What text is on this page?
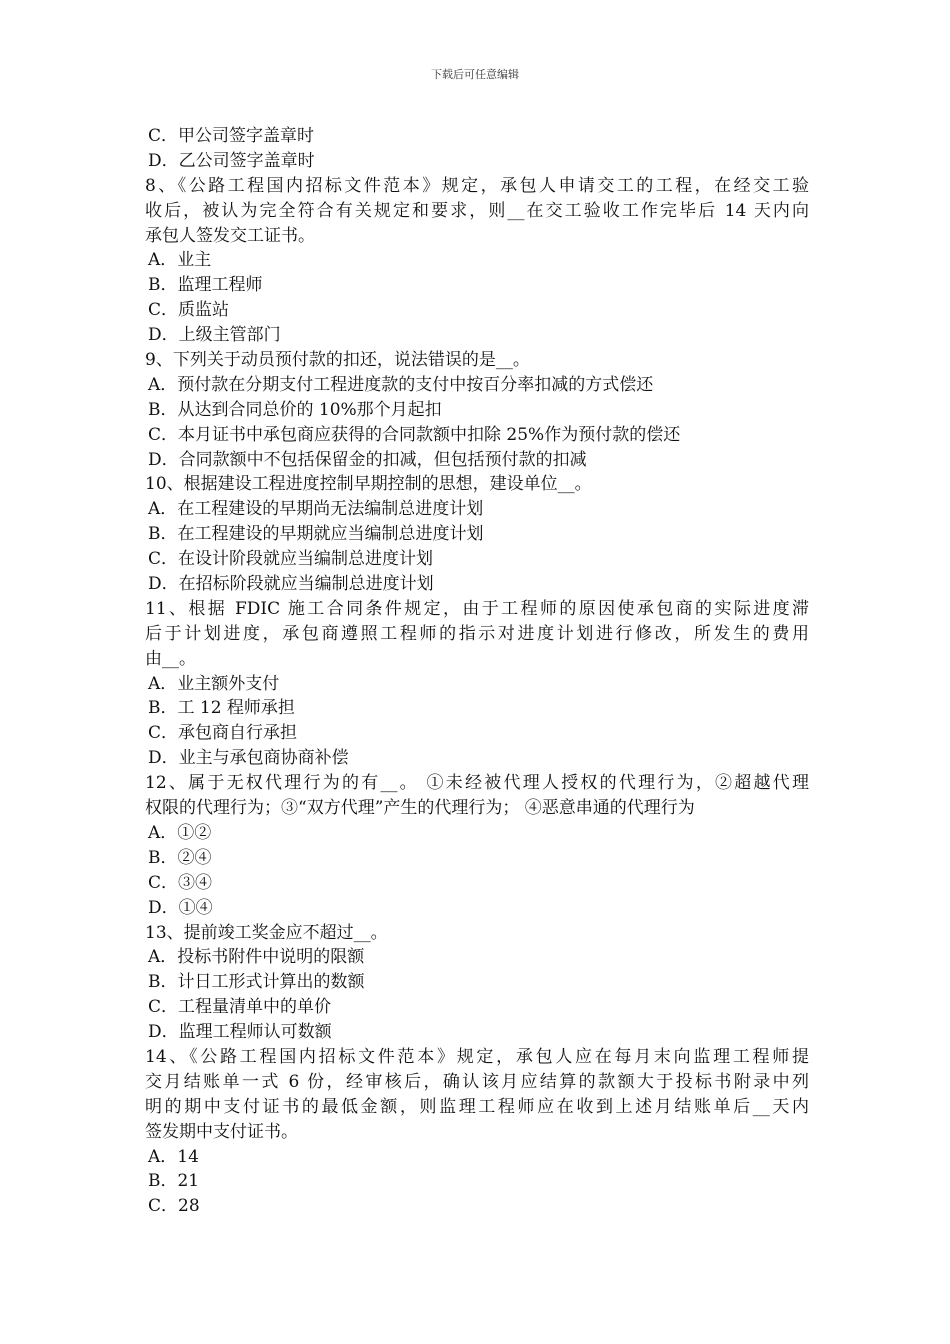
下载后可任意编辑
C．甲公司签字盖章时
D．乙公司签字盖章时
8、《公路工程国内招标文件范本》规定，承包人申请交工的工程，在经交工验
收后，被认为完全符合有关规定和要求，则__在交工验收工作完毕后 14 天内向
承包人签发交工证书。
A．业主
B．监理工程师
C．质监站
D．上级主管部门
9、下列关于动员预付款的扣还，说法错误的是__。
A．预付款在分期支付工程进度款的支付中按百分率扣减的方式偿还
B．从达到合同总价的 10%那个月起扣
C．本月证书中承包商应获得的合同款额中扣除 25%作为预付款的偿还
D．合同款额中不包括保留金的扣减，但包括预付款的扣减
10、根据建设工程进度控制早期控制的思想，建设单位__。
A．在工程建设的早期尚无法编制总进度计划
B．在工程建设的早期就应当编制总进度计划
C．在设计阶段就应当编制总进度计划
D．在招标阶段就应当编制总进度计划
11、根据 FDIC 施工合同条件规定，由于工程师的原因使承包商的实际进度滞
后于计划进度，承包商遵照工程师的指示对进度计划进行修改，所发生的费用
由__。
A．业主额外支付
B．工 12 程师承担
C．承包商自行承担
D．业主与承包商协商补偿
12、属于无权代理行为的有__。 ①未经被代理人授权的代理行为，②超越代理
权限的代理行为；③“双方代理”产生的代理行为； ④恶意串通的代理行为
A．①②
B．②④
C．③④
D．①④
13、提前竣工奖金应不超过__。
A．投标书附件中说明的限额
B．计日工形式计算出的数额
C．工程量清单中的单价
D．监理工程师认可数额
14、《公路工程国内招标文件范本》规定，承包人应在每月末向监理工程师提
交月结账单一式 6 份，经审核后，确认该月应结算的款额大于投标书附录中列
明的期中支付证书的最低金额，则监理工程师应在收到上述月结账单后__天内
签发期中支付证书。
A．14
B．21
C．28
